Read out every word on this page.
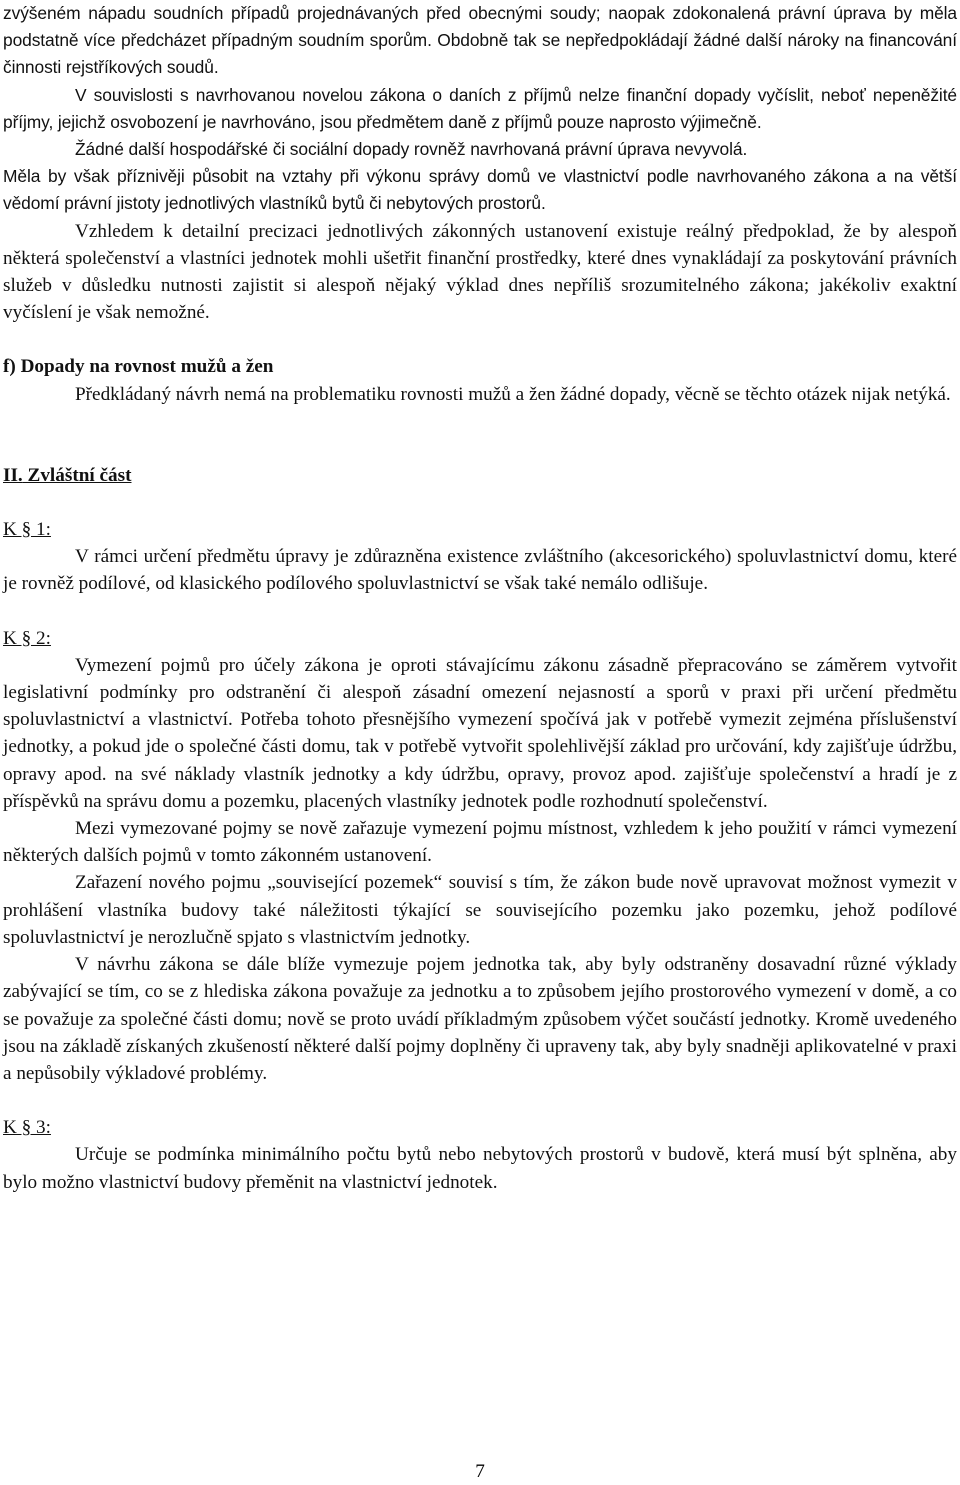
zvýšeném nápadu soudních případů projednávaných před obecnými soudy; naopak zdokonalená právní úprava by měla podstatně více předcházet případným soudním sporům. Obdobně tak se nepředpokládají žádné další nároky na financování činnosti rejstříkových soudů.

V souvislosti s navrhovanou novelou zákona o daních z příjmů nelze finanční dopady vyčíslit, neboť nepeněžité příjmy, jejichž osvobození je navrhováno, jsou předmětem daně z příjmů pouze naprosto výjimečně.

Žádné další hospodářské či sociální dopady rovněž navrhovaná právní úprava nevyvolá.

Měla by však příznivěji působit na vztahy při výkonu správy domů ve vlastnictví podle navrhovaného zákona a na větší vědomí právní jistoty jednotlivých vlastníků bytů či nebytových prostorů.

Vzhledem k detailní precizaci jednotlivých zákonných ustanovení existuje reálný předpoklad, že by alespoň některá společenství a vlastníci jednotek mohli ušetřit finanční prostředky, které dnes vynakládají za poskytování právních služeb v důsledku nutnosti zajistit si alespoň nějaký výklad dnes nepříliš srozumitelného zákona; jakékoliv exaktní vyčíslení je však nemožné.

f) Dopady na rovnost mužů a žen

Předkládaný návrh nemá na problematiku rovnosti mužů a žen žádné dopady, věcně se těchto otázek nijak netýká.

II. Zvláštní část

K § 1:

V rámci určení předmětu úpravy je zdůrazněna existence zvláštního (akcesorického) spoluvlastnictví domu, které je rovněž podílové, od klasického podílového spoluvlastnictví se však také nemálo odlišuje.

K § 2:

Vymezení pojmů pro účely zákona je oproti stávajícímu zákonu zásadně přepracováno se záměrem vytvořit legislativní podmínky pro odstranění či alespoň zásadní omezení nejasností a sporů v praxi při určení předmětu spoluvlastnictví a vlastnictví. Potřeba tohoto přesnějšího vymezení spočívá jak v potřebě vymezit zejména příslušenství jednotky, a pokud jde o společné části domu, tak v potřebě vytvořit spolehlivější základ pro určování, kdy zajišťuje údržbu, opravy apod. na své náklady vlastník jednotky a kdy údržbu, opravy, provoz apod. zajišťuje společenství a hradí je z příspěvků na správu domu a pozemku, placených vlastníky jednotek podle rozhodnutí společenství.

Mezi vymezované pojmy se nově zařazuje vymezení pojmu místnost, vzhledem k jeho použití v rámci vymezení některých dalších pojmů v tomto zákonném ustanovení.

Zařazení nového pojmu „související pozemek“ souvisí s tím, že zákon bude nově upravovat možnost vymezit v prohlášení vlastníka budovy také náležitosti týkající se souvisejícího pozemku jako pozemku, jehož podílové spoluvlastnictví je nerozlučně spjato s vlastnictvím jednotky.

V návrhu zákona se dále blíže vymezuje pojem jednotka tak, aby byly odstraněny dosavadní různé výklady zabývající se tím, co se z hlediska zákona považuje za jednotku a to způsobem jejího prostorového vymezení v domě, a co se považuje za společné části domu; nově se proto uvádí příkladmým způsobem výčet součástí jednotky. Kromě uvedeného jsou na základě získaných zkušeností některé další pojmy doplněny či upraveny tak, aby byly snadněji aplikovatelné v praxi a nepůsobily výkladové problémy.

K § 3:

Určuje se podmínka minimálního počtu bytů nebo nebytových prostorů v budově, která musí být splněna, aby bylo možno vlastnictví budovy přeměnit na vlastnictví jednotek.

7
